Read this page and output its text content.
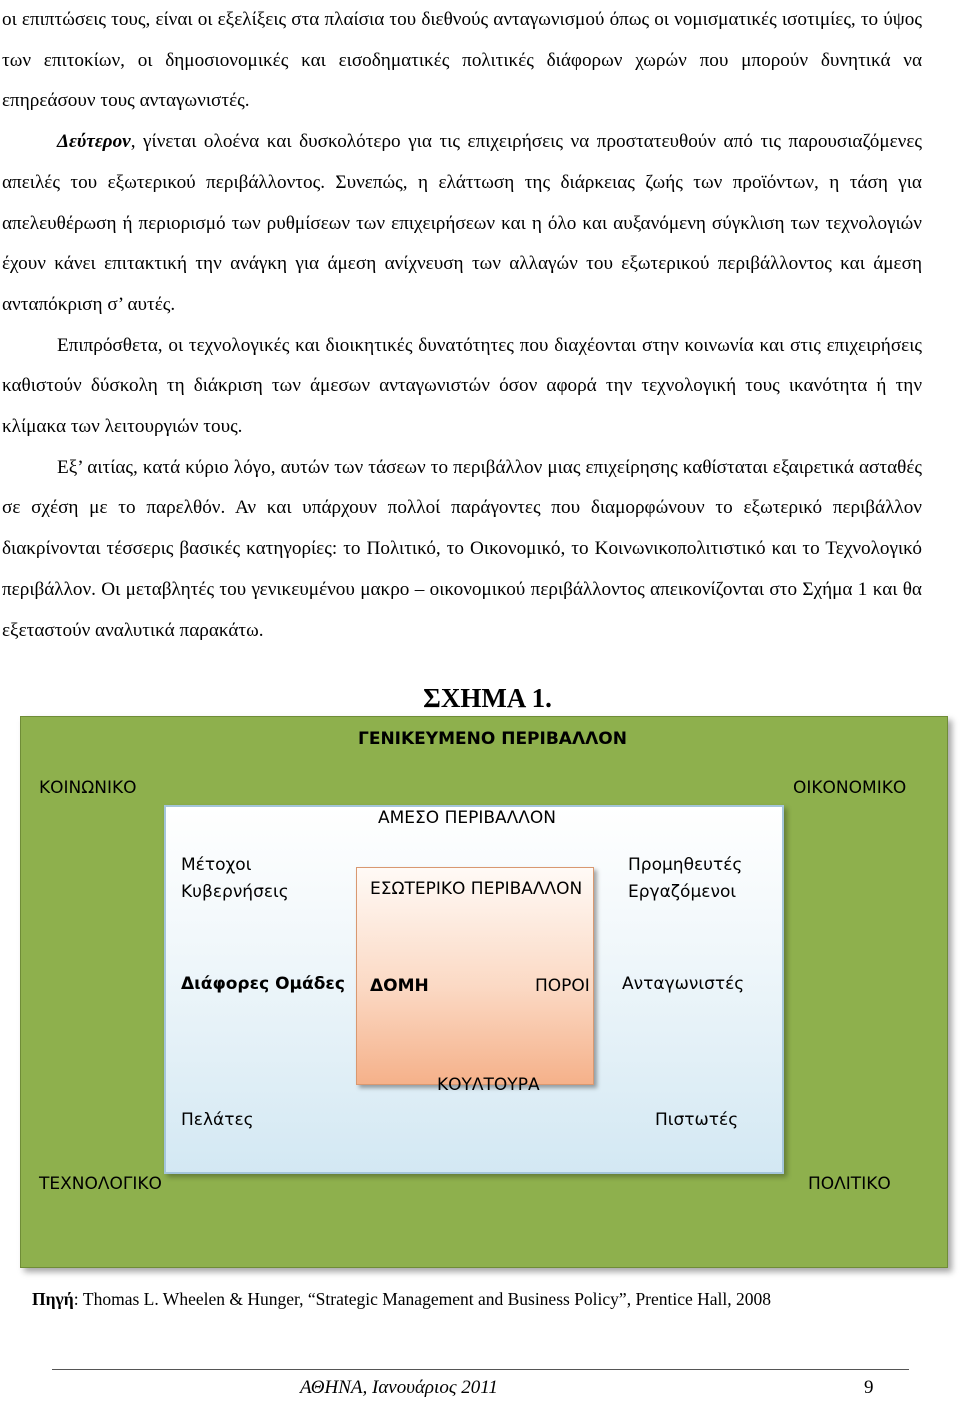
οι επιπτώσεις τους, είναι οι εξελίξεις στα πλαίσια του διεθνούς ανταγωνισμού όπως οι νομισματικές ισοτιμίες, το ύψος των επιτοκίων, οι δημοσιονομικές και εισοδηματικές πολιτικές διάφορων χωρών που μπορούν δυνητικά να επηρεάσουν τους ανταγωνιστές.

Δεύτερον, γίνεται ολοένα και δυσκολότερο για τις επιχειρήσεις να προστατευθούν από τις παρουσιαζόμενες απειλές του εξωτερικού περιβάλλοντος. Συνεπώς, η ελάττωση της διάρκειας ζωής των προϊόντων, η τάση για απελευθέρωση ή περιορισμό των ρυθμίσεων των επιχειρήσεων και η όλο και αυξανόμενη σύγκλιση των τεχνολογιών έχουν κάνει επιτακτική την ανάγκη για άμεση ανίχνευση των αλλαγών του εξωτερικού περιβάλλοντος και άμεση ανταπόκριση σ’ αυτές.

Επιπρόσθετα, οι τεχνολογικές και διοικητικές δυνατότητες που διαχέονται στην κοινωνία και στις επιχειρήσεις καθιστούν δύσκολη τη διάκριση των άμεσων ανταγωνιστών όσον αφορά την τεχνολογική τους ικανότητα ή την κλίμακα των λειτουργιών τους.

Εξ’ αιτίας, κατά κύριο λόγο, αυτών των τάσεων το περιβάλλον μιας επιχείρησης καθίσταται εξαιρετικά ασταθές σε σχέση με το παρελθόν. Αν και υπάρχουν πολλοί παράγοντες που διαμορφώνουν το εξωτερικό περιβάλλον διακρίνονται τέσσερις βασικές κατηγορίες: το Πολιτικό, το Οικονομικό, το Κοινωνικοπολιτιστικό και το Τεχνολογικό περιβάλλον. Οι μεταβλητές του γενικευμένου μακρο – οικονομικού περιβάλλοντος απεικονίζονται στο Σχήμα 1 και θα εξεταστούν αναλυτικά παρακάτω.

ΣΧΗΜΑ 1.
ΓΕΝΙΚΕΥΜΕΝΟ ΠΕΡΙΒΑΛΛΟΝ
ΚΟΙΝΩΝΙΚΟ	ΟΙΚΟΝΟΜΙΚΟ
ΑΜΕΣΟ ΠΕΡΙΒΑΛΛΟΝ
Μέτοχοι
Κυβερνήσεις
Προμηθευτές
Εργαζόμενοι
Διάφορες Ομάδες	Ανταγωνιστές
Πελάτες	Πιστωτές
ΕΣΩΤΕΡΙΚΟ ΠΕΡΙΒΑΛΛΟΝ
ΔΟΜΗ	ΠΟΡΟΙ
ΚΟΥΛΤΟΥΡΑ
ΤΕΧΝΟΛΟΓΙΚΟ	ΠΟΛΙΤΙΚΟ
Πηγή: Thomas L. Wheelen & Hunger, “Strategic Management and Business Policy”, Prentice Hall, 2008
ΑΘΗΝΑ, Ιανουάριος 2011	9
